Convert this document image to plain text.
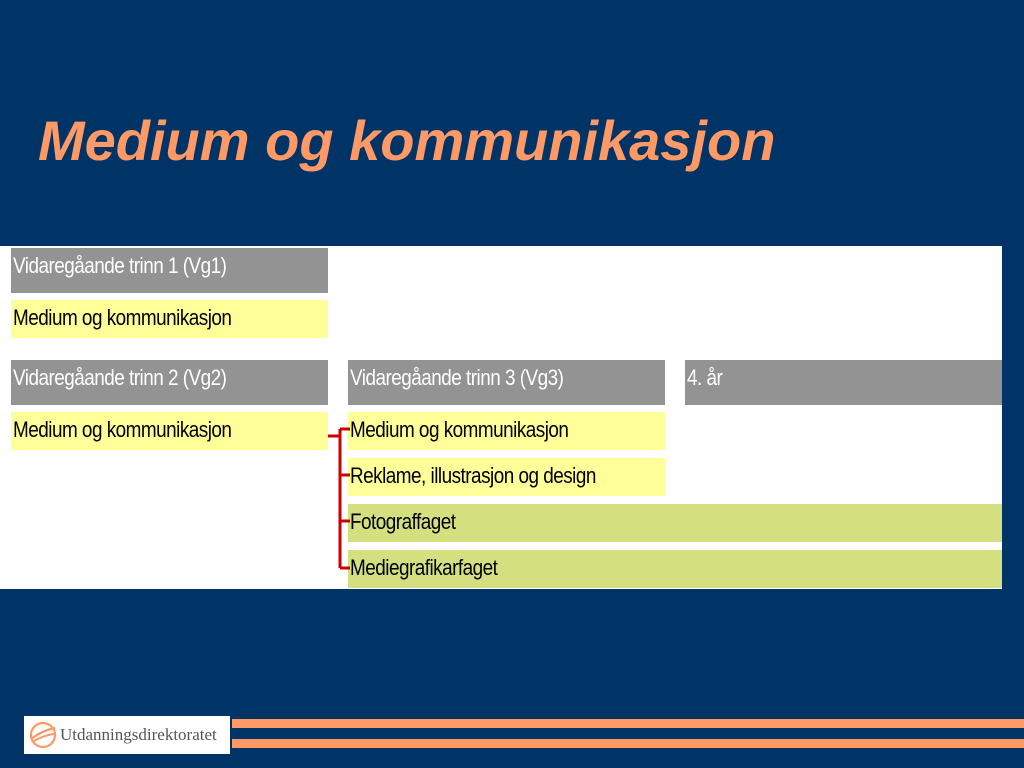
Medium og kommunikasjon
Vidaregåande trinn 1 (Vg1)
Medium og kommunikasjon
Vidaregåande trinn 2 (Vg2)
Medium og kommunikasjon
Vidaregåande trinn 3 (Vg3)	4. år
Medium og kommunikasjon
Reklame, illustrasjon og design
Fotograffaget
Mediegrafikarfaget
Utdanningsdirektoratet
